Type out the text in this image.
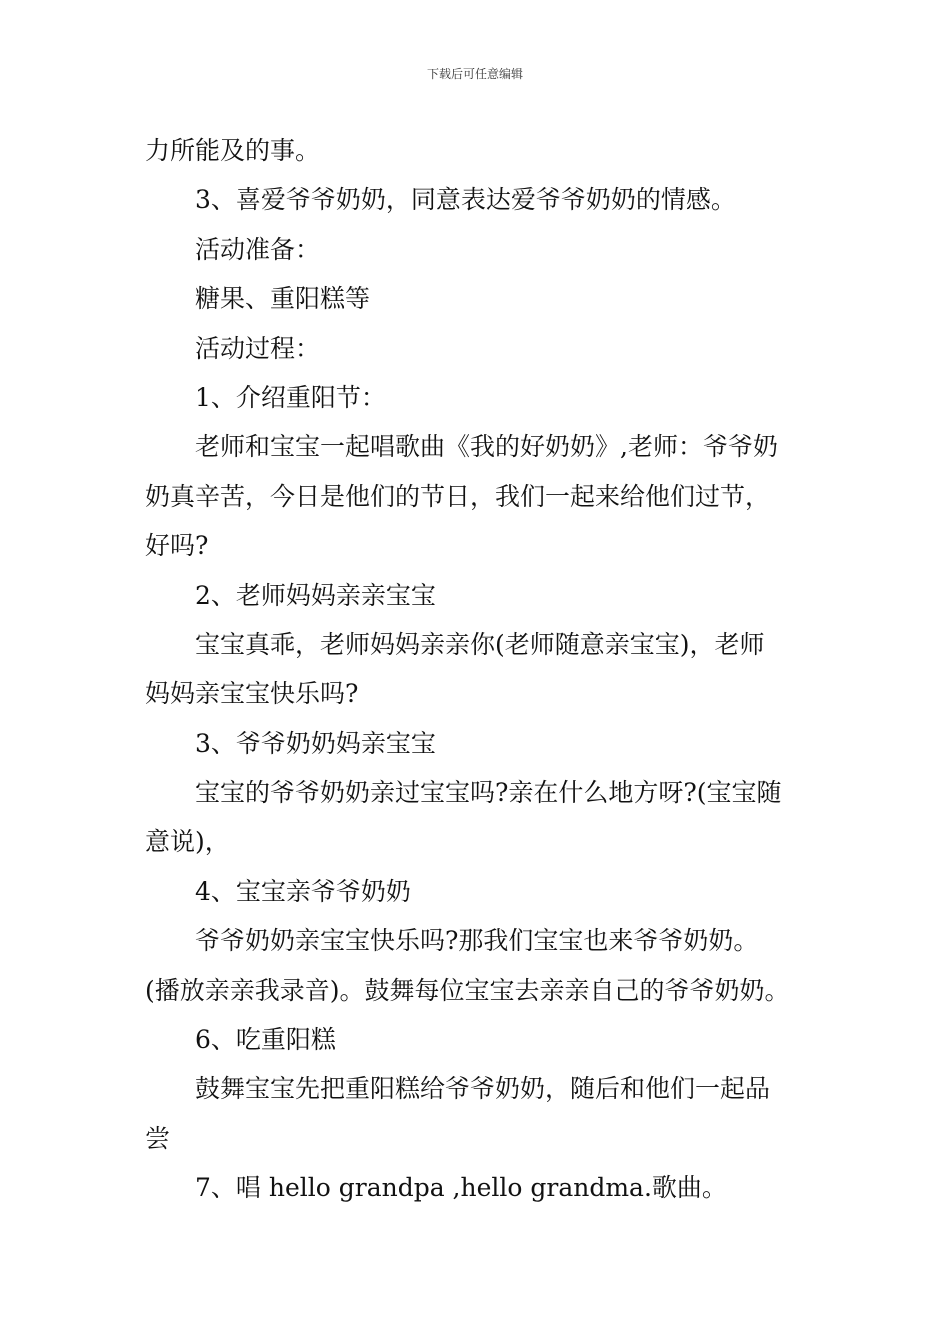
下载后可任意编辑
力所能及的事。
3、喜爱爷爷奶奶，同意表达爱爷爷奶奶的情感。
活动准备：
糖果、重阳糕等
活动过程：
1、介绍重阳节：
老师和宝宝一起唱歌曲《我的好奶奶》,老师：爷爷奶
奶真辛苦，今日是他们的节日，我们一起来给他们过节，
好吗?
2、老师妈妈亲亲宝宝
宝宝真乖，老师妈妈亲亲你(老师随意亲宝宝)，老师
妈妈亲宝宝快乐吗?
3、爷爷奶奶妈亲宝宝
宝宝的爷爷奶奶亲过宝宝吗?亲在什么地方呀?(宝宝随
意说)，
4、宝宝亲爷爷奶奶
爷爷奶奶亲宝宝快乐吗?那我们宝宝也来爷爷奶奶。
(播放亲亲我录音)。鼓舞每位宝宝去亲亲自己的爷爷奶奶。
6、吃重阳糕
鼓舞宝宝先把重阳糕给爷爷奶奶，随后和他们一起品
尝
7、唱 hello grandpa ,hello grandma.歌曲。
